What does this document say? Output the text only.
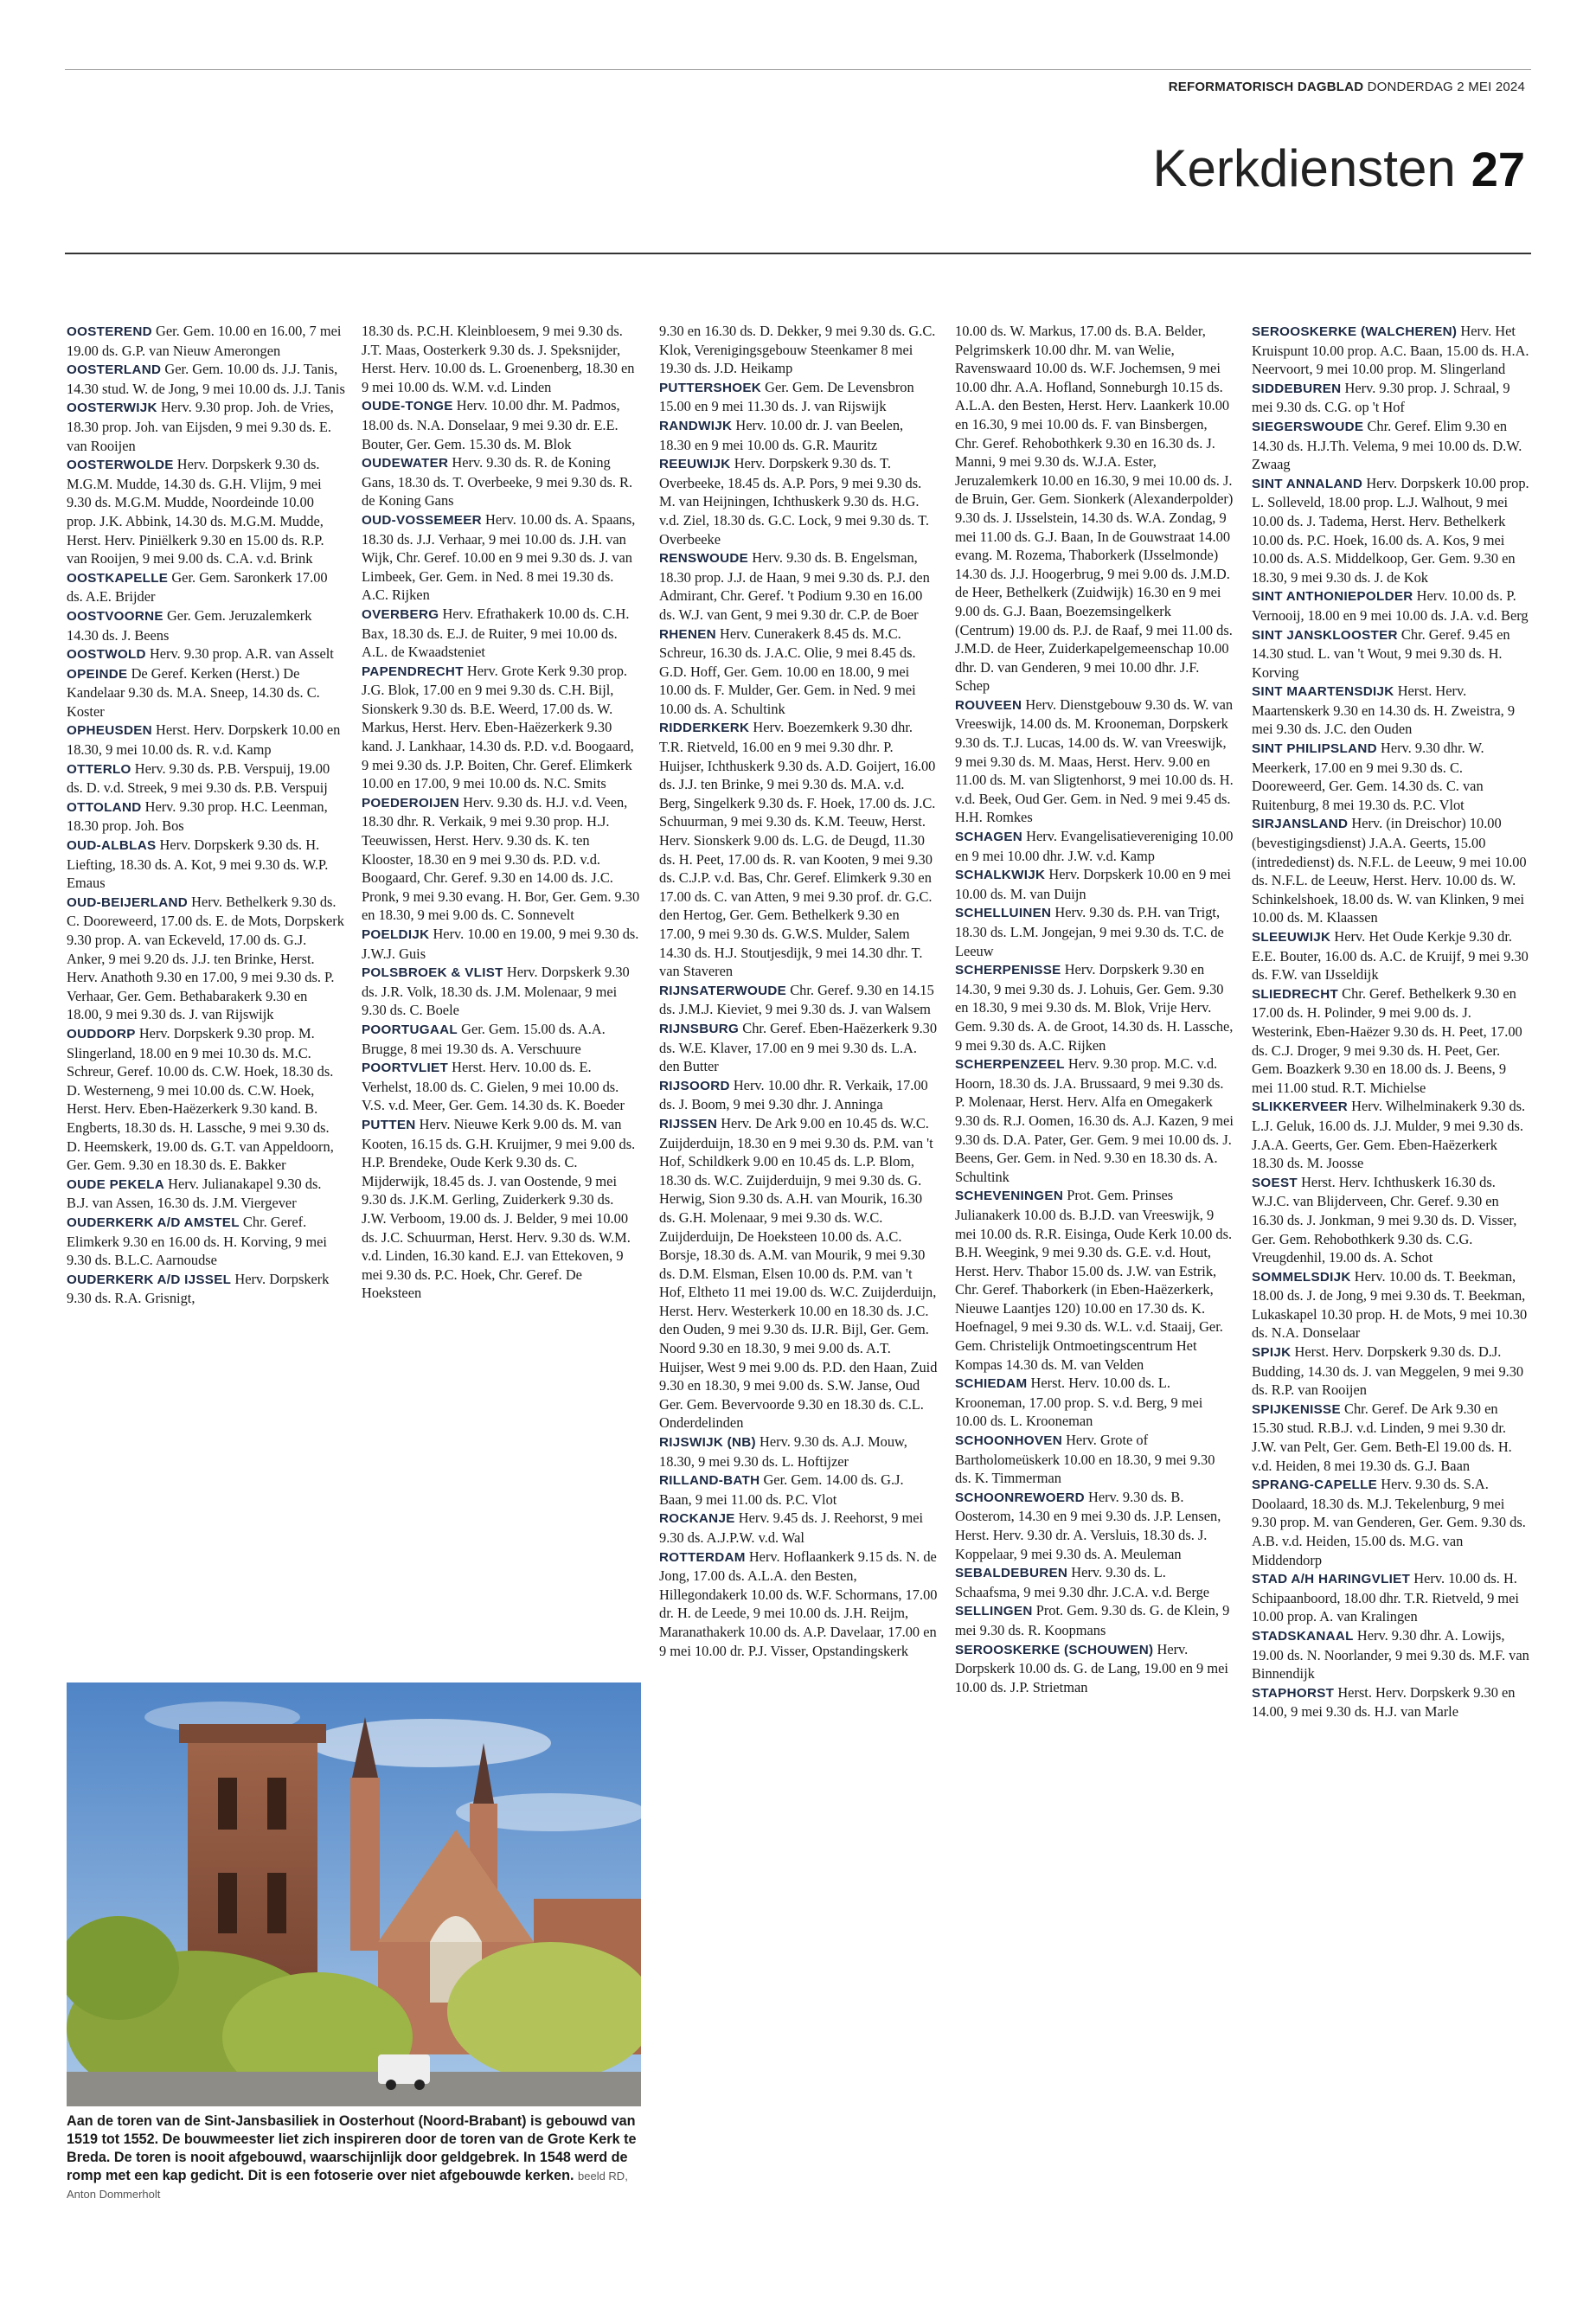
REFORMATORISCH DAGBLAD DONDERDAG 2 MEI 2024
Kerkdiensten 27

OOSTEREND Ger. Gem. 10.00 en 16.00, 7 mei 19.00 ds. G.P. van Nieuw Amerongen

OOSTERLAND Ger. Gem. 10.00 ds. J.J. Tanis, 14.30 stud. W. de Jong, 9 mei 10.00 ds. J.J. Tanis

OOSTERWIJK Herv. 9.30 prop. Joh. de Vries, 18.30 prop. Joh. van Eijsden, 9 mei 9.30 ds. E. van Rooijen

OOSTERWOLDE Herv. Dorpskerk 9.30 ds. M.G.M. Mudde, 14.30 ds. G.H. Vlijm, 9 mei 9.30 ds. M.G.M. Mudde, Noordeinde 10.00 prop. J.K. Abbink, 14.30 ds. M.G.M. Mudde, Herst. Herv. Piniëlkerk 9.30 en 15.00 ds. R.P. van Rooijen, 9 mei 9.00 ds. C.A. v.d. Brink

OOSTKAPELLE Ger. Gem. Saronkerk 17.00 ds. A.E. Brijder

OOSTVOORNE Ger. Gem. Jeruzalemkerk 14.30 ds. J. Beens

OOSTWOLD Herv. 9.30 prop. A.R. van Asselt

OPEINDE De Geref. Kerken (Herst.) De Kandelaar 9.30 ds. M.A. Sneep, 14.30 ds. C. Koster

OPHEUSDEN Herst. Herv. Dorpskerk 10.00 en 18.30, 9 mei 10.00 ds. R. v.d. Kamp

OTTERLO Herv. 9.30 ds. P.B. Verspuij, 19.00 ds. D. v.d. Streek, 9 mei 9.30 ds. P.B. Verspuij

OTTOLAND Herv. 9.30 prop. H.C. Leenman, 18.30 prop. Joh. Bos

OUD-ALBLAS Herv. Dorpskerk 9.30 ds. H. Liefting, 18.30 ds. A. Kot, 9 mei 9.30 ds. W.P. Emaus

OUD-BEIJERLAND Herv. Bethelkerk 9.30 ds. C. Dooreweerd, 17.00 ds. E. de Mots, Dorpskerk 9.30 prop. A. van Eckeveld, 17.00 ds. G.J. Anker, 9 mei 9.20 ds. J.J. ten Brinke, Herst. Herv. Anathoth 9.30 en 17.00, 9 mei 9.30 ds. P. Verhaar, Ger. Gem. Bethabarakerk 9.30 en 18.00, 9 mei 9.30 ds. J. van Rijswijk

OUDDORP Herv. Dorpskerk 9.30 prop. M. Slingerland, 18.00 en 9 mei 10.30 ds. M.C. Schreur, Geref. 10.00 ds. C.W. Hoek, 18.30 ds. D. Westerneng, 9 mei 10.00 ds. C.W. Hoek, Herst. Herv. Eben-Haëzerkerk 9.30 kand. B. Engberts, 18.30 ds. H. Lassche, 9 mei 9.30 ds. D. Heemskerk, 19.00 ds. G.T. van Appeldoorn, Ger. Gem. 9.30 en 18.30 ds. E. Bakker

OUDE PEKELA Herv. Julianakapel 9.30 ds. B.J. van Assen, 16.30 ds. J.M. Viergever

OUDERKERK A/D AMSTEL Chr. Geref. Elimkerk 9.30 en 16.00 ds. H. Korving, 9 mei 9.30 ds. B.L.C. Aarnoudse

OUDERKERK A/D IJSSEL Herv. Dorpskerk 9.30 ds. R.A. Grisnigt,

18.30 ds. P.C.H. Kleinbloesem, 9 mei 9.30 ds. J.T. Maas, Oosterkerk 9.30 ds. J. Speksnijder, Herst. Herv. 10.00 ds. L. Groenenberg, 18.30 en 9 mei 10.00 ds. W.M. v.d. Linden

OUDE-TONGE Herv. 10.00 dhr. M. Padmos, 18.00 ds. N.A. Donselaar, 9 mei 9.30 dr. E.E. Bouter, Ger. Gem. 15.30 ds. M. Blok

OUDEWATER Herv. 9.30 ds. R. de Koning Gans, 18.30 ds. T. Overbeeke, 9 mei 9.30 ds. R. de Koning Gans

OUD-VOSSEMEER Herv. 10.00 ds. A. Spaans, 18.30 ds. J.J. Verhaar, 9 mei 10.00 ds. J.H. van Wijk, Chr. Geref. 10.00 en 9 mei 9.30 ds. J. van Limbeek, Ger. Gem. in Ned. 8 mei 19.30 ds. A.C. Rijken

OVERBERG Herv. Efrathakerk 10.00 ds. C.H. Bax, 18.30 ds. E.J. de Ruiter, 9 mei 10.00 ds. A.L. de Kwaadsteniet

PAPENDRECHT Herv. Grote Kerk 9.30 prop. J.G. Blok, 17.00 en 9 mei 9.30 ds. C.H. Bijl, Sionskerk 9.30 ds. B.E. Weerd, 17.00 ds. W. Markus, Herst. Herv. Eben-Haëzerkerk 9.30 kand. J. Lankhaar, 14.30 ds. P.D. v.d. Boogaard, 9 mei 9.30 ds. J.P. Boiten, Chr. Geref. Elimkerk 10.00 en 17.00, 9 mei 10.00 ds. N.C. Smits

POEDEROIJEN Herv. 9.30 ds. H.J. v.d. Veen, 18.30 dhr. R. Verkaik, 9 mei 9.30 prop. H.J. Teeuwissen, Herst. Herv. 9.30 ds. K. ten Klooster, 18.30 en 9 mei 9.30 ds. P.D. v.d. Boogaard, Chr. Geref. 9.30 en 14.00 ds. J.C. Pronk, 9 mei 9.30 evang. H. Bor, Ger. Gem. 9.30 en 18.30, 9 mei 9.00 ds. C. Sonnevelt

POELDIJK Herv. 10.00 en 19.00, 9 mei 9.30 ds. J.W.J. Guis

POLSBROEK & VLIST Herv. Dorpskerk 9.30 ds. J.R. Volk, 18.30 ds. J.M. Molenaar, 9 mei 9.30 ds. C. Boele

POORTUGAAL Ger. Gem. 15.00 ds. A.A. Brugge, 8 mei 19.30 ds. A. Verschuure

POORTVLIET Herst. Herv. 10.00 ds. E. Verhelst, 18.00 ds. C. Gielen, 9 mei 10.00 ds. V.S. v.d. Meer, Ger. Gem. 14.30 ds. K. Boeder

PUTTEN Herv. Nieuwe Kerk 9.00 ds. M. van Kooten, 16.15 ds. G.H. Kruijmer, 9 mei 9.00 ds. H.P. Brendeke, Oude Kerk 9.30 ds. C. Mijderwijk, 18.45 ds. J. van Oostende, 9 mei 9.30 ds. J.K.M. Gerling, Zuiderkerk 9.30 ds. J.W. Verboom, 19.00 ds. J. Belder, 9 mei 10.00 ds. J.C. Schuurman, Herst. Herv. 9.30 ds. W.M. v.d. Linden, 16.30 kand. E.J. van Ettekoven, 9 mei 9.30 ds. P.C. Hoek, Chr. Geref. De Hoeksteen

9.30 en 16.30 ds. D. Dekker, 9 mei 9.30 ds. G.C. Klok, Verenigingsgebouw Steenkamer 8 mei 19.30 ds. J.D. Heikamp

PUTTERSHOEK Ger. Gem. De Levensbron 15.00 en 9 mei 11.30 ds. J. van Rijswijk

RANDWIJK Herv. 10.00 dr. J. van Beelen, 18.30 en 9 mei 10.00 ds. G.R. Mauritz

REEUWIJK Herv. Dorpskerk 9.30 ds. T. Overbeeke, 18.45 ds. A.P. Pors, 9 mei 9.30 ds. M. van Heijningen, Ichthuskerk 9.30 ds. H.G. v.d. Ziel, 18.30 ds. G.C. Lock, 9 mei 9.30 ds. T. Overbeeke

RENSWOUDE Herv. 9.30 ds. B. Engelsman, 18.30 prop. J.J. de Haan, 9 mei 9.30 ds. P.J. den Admirant, Chr. Geref. 't Podium 9.30 en 16.00 ds. W.J. van Gent, 9 mei 9.30 dr. C.P. de Boer

RHENEN Herv. Cunerakerk 8.45 ds. M.C. Schreur, 16.30 ds. J.A.C. Olie, 9 mei 8.45 ds. G.D. Hoff, Ger. Gem. 10.00 en 18.00, 9 mei 10.00 ds. F. Mulder, Ger. Gem. in Ned. 9 mei 10.00 ds. A. Schultink

RIDDERKERK Herv. Boezemkerk 9.30 dhr. T.R. Rietveld, 16.00 en 9 mei 9.30 dhr. P. Huijser, Ichthuskerk 9.30 ds. A.D. Goijert, 16.00 ds. J.J. ten Brinke, 9 mei 9.30 ds. M.A. v.d. Berg, Singelkerk 9.30 ds. F. Hoek, 17.00 ds. J.C. Schuurman, 9 mei 9.30 ds. K.M. Teeuw, Herst. Herv. Sionskerk 9.00 ds. L.G. de Deugd, 11.30 ds. H. Peet, 17.00 ds. R. van Kooten, 9 mei 9.30 ds. C.J.P. v.d. Bas, Chr. Geref. Elimkerk 9.30 en 17.00 ds. C. van Atten, 9 mei 9.30 prof. dr. G.C. den Hertog, Ger. Gem. Bethelkerk 9.30 en 17.00, 9 mei 9.30 ds. G.W.S. Mulder, Salem 14.30 ds. H.J. Stoutjesdijk, 9 mei 14.30 dhr. T. van Staveren

RIJNSATERWOUDE Chr. Geref. 9.30 en 14.15 ds. J.M.J. Kieviet, 9 mei 9.30 ds. J. van Walsem

RIJNSBURG Chr. Geref. Eben-Haëzerkerk 9.30 ds. W.E. Klaver, 17.00 en 9 mei 9.30 ds. L.A. den Butter

RIJSOORD Herv. 10.00 dhr. R. Verkaik, 17.00 ds. J. Boom, 9 mei 9.30 dhr. J. Anninga

RIJSSEN Herv. De Ark 9.00 en 10.45 ds. W.C. Zuijderduijn, 18.30 en 9 mei 9.30 ds. P.M. van 't Hof, Schildkerk 9.00 en 10.45 ds. L.P. Blom, 18.30 ds. W.C. Zuijderduijn, 9 mei 9.30 ds. G. Herwig, Sion 9.30 ds. A.H. van Mourik, 16.30 ds. G.H. Molenaar, 9 mei 9.30 ds. W.C. Zuijderduijn, De Hoeksteen 10.00 ds. A.C. Borsje, 18.30 ds. A.M. van Mourik, 9 mei 9.30 ds. D.M. Elsman, Elsen 10.00 ds. P.M. van 't Hof, Eltheto 11 mei 19.00 ds. W.C. Zuijderduijn, Herst. Herv. Westerkerk 10.00 en 18.30 ds. J.C. den Ouden, 9 mei 9.30 ds. IJ.R. Bijl, Ger. Gem. Noord 9.30 en 18.30, 9 mei 9.00 ds. A.T. Huijser, West 9 mei 9.00 ds. P.D. den Haan, Zuid 9.30 en 18.30, 9 mei 9.00 ds. S.W. Janse, Oud Ger. Gem. Bevervoorde 9.30 en 18.30 ds. C.L. Onderdelinden

RIJSWIJK (NB) Herv. 9.30 ds. A.J. Mouw, 18.30, 9 mei 9.30 ds. L. Hoftijzer

RILLAND-BATH Ger. Gem. 14.00 ds. G.J. Baan, 9 mei 11.00 ds. P.C. Vlot

ROCKANJE Herv. 9.45 ds. J. Reehorst, 9 mei 9.30 ds. A.J.P.W. v.d. Wal

ROTTERDAM Herv. Hoflaankerk 9.15 ds. N. de Jong, 17.00 ds. A.L.A. den Besten, Hillegondakerk 10.00 ds. W.F. Schormans, 17.00 dr. H. de Leede, 9 mei 10.00 ds. J.H. Reijm, Maranathakerk 10.00 ds. A.P. Davelaar, 17.00 en 9 mei 10.00 dr. P.J. Visser, Opstandingskerk

10.00 ds. W. Markus, 17.00 ds. B.A. Belder, Pelgrimskerk 10.00 dhr. M. van Welie, Ravenswaard 10.00 ds. W.F. Jochemsen, 9 mei 10.00 dhr. A.A. Hofland, Sonneburgh 10.15 ds. A.L.A. den Besten, Herst. Herv. Laankerk 10.00 en 16.30, 9 mei 10.00 ds. F. van Binsbergen, Chr. Geref. Rehobothkerk 9.30 en 16.30 ds. J. Manni, 9 mei 9.30 ds. W.J.A. Ester, Jeruzalemkerk 10.00 en 16.30, 9 mei 10.00 ds. J. de Bruin, Ger. Gem. Sionkerk (Alexanderpolder) 9.30 ds. J. IJsselstein, 14.30 ds. W.A. Zondag, 9 mei 11.00 ds. G.J. Baan, In de Gouwstraat 14.00 evang. M. Rozema, Thaborkerk (IJsselmonde) 14.30 ds. J.J. Hoogerbrug, 9 mei 9.00 ds. J.M.D. de Heer, Bethelkerk (Zuidwijk) 16.30 en 9 mei 9.00 ds. G.J. Baan, Boezemsingelkerk (Centrum) 19.00 ds. P.J. de Raaf, 9 mei 11.00 ds. J.M.D. de Heer, Zuiderkapelgemeenschap 10.00 dhr. D. van Genderen, 9 mei 10.00 dhr. J.F. Schep

ROUVEEN Herv. Dienstgebouw 9.30 ds. W. van Vreeswijk, 14.00 ds. M. Krooneman, Dorpskerk 9.30 ds. T.J. Lucas, 14.00 ds. W. van Vreeswijk, 9 mei 9.30 ds. M. Maas, Herst. Herv. 9.00 en 11.00 ds. M. van Sligtenhorst, 9 mei 10.00 ds. H. v.d. Beek, Oud Ger. Gem. in Ned. 9 mei 9.45 ds. H.H. Romkes

SCHAGEN Herv. Evangelisatievereniging 10.00 en 9 mei 10.00 dhr. J.W. v.d. Kamp

SCHALKWIJK Herv. Dorpskerk 10.00 en 9 mei 10.00 ds. M. van Duijn

SCHELLUINEN Herv. 9.30 ds. P.H. van Trigt, 18.30 ds. L.M. Jongejan, 9 mei 9.30 ds. T.C. de Leeuw

SCHERPENISSE Herv. Dorpskerk 9.30 en 14.30, 9 mei 9.30 ds. J. Lohuis, Ger. Gem. 9.30 en 18.30, 9 mei 9.30 ds. M. Blok, Vrije Herv. Gem. 9.30 ds. A. de Groot, 14.30 ds. H. Lassche, 9 mei 9.30 ds. A.C. Rijken

SCHERPENZEEL Herv. 9.30 prop. M.C. v.d. Hoorn, 18.30 ds. J.A. Brussaard, 9 mei 9.30 ds. P. Molenaar, Herst. Herv. Alfa en Omegakerk 9.30 ds. R.J. Oomen, 16.30 ds. A.J. Kazen, 9 mei 9.30 ds. D.A. Pater, Ger. Gem. 9 mei 10.00 ds. J. Beens, Ger. Gem. in Ned. 9.30 en 18.30 ds. A. Schultink

SCHEVENINGEN Prot. Gem. Prinses Julianakerk 10.00 ds. B.J.D. van Vreeswijk, 9 mei 10.00 ds. R.R. Eisinga, Oude Kerk 10.00 ds. B.H. Weegink, 9 mei 9.30 ds. G.E. v.d. Hout, Herst. Herv. Thabor 15.00 ds. J.W. van Estrik, Chr. Geref. Thaborkerk (in Eben-Haëzerkerk, Nieuwe Laantjes 120) 10.00 en 17.30 ds. K. Hoefnagel, 9 mei 9.30 ds. W.L. v.d. Staaij, Ger. Gem. Christelijk Ontmoetingscentrum Het Kompas 14.30 ds. M. van Velden

SCHIEDAM Herst. Herv. 10.00 ds. L. Krooneman, 17.00 prop. S. v.d. Berg, 9 mei 10.00 ds. L. Krooneman

SCHOONHOVEN Herv. Grote of Bartholomeüskerk 10.00 en 18.30, 9 mei 9.30 ds. K. Timmerman

SCHOONREWOERD Herv. 9.30 ds. B. Oosterom, 14.30 en 9 mei 9.30 ds. J.P. Lensen, Herst. Herv. 9.30 dr. A. Versluis, 18.30 ds. J. Koppelaar, 9 mei 9.30 ds. A. Meuleman

SEBALDEBUREN Herv. 9.30 ds. L. Schaafsma, 9 mei 9.30 dhr. J.C.A. v.d. Berge

SELLINGEN Prot. Gem. 9.30 ds. G. de Klein, 9 mei 9.30 ds. R. Koopmans

SEROOSKERKE (SCHOUWEN) Herv. Dorpskerk 10.00 ds. G. de Lang, 19.00 en 9 mei 10.00 ds. J.P. Strietman

SEROOSKERKE (WALCHEREN) Herv. Het Kruispunt 10.00 prop. A.C. Baan, 15.00 ds. H.A. Neervoort, 9 mei 10.00 prop. M. Slingerland

SIDDEBUREN Herv. 9.30 prop. J. Schraal, 9 mei 9.30 ds. C.G. op 't Hof

SIEGERSWOUDE Chr. Geref. Elim 9.30 en 14.30 ds. H.J.Th. Velema, 9 mei 10.00 ds. D.W. Zwaag

SINT ANNALAND Herv. Dorpskerk 10.00 prop. L. Solleveld, 18.00 prop. L.J. Walhout, 9 mei 10.00 ds. J. Tadema, Herst. Herv. Bethelkerk 10.00 ds. P.C. Hoek, 16.00 ds. A. Kos, 9 mei 10.00 ds. A.S. Middelkoop, Ger. Gem. 9.30 en 18.30, 9 mei 9.30 ds. J. de Kok

SINT ANTHONIEPOLDER Herv. 10.00 ds. P. Vernooij, 18.00 en 9 mei 10.00 ds. J.A. v.d. Berg

SINT JANSKLOOSTER Chr. Geref. 9.45 en 14.30 stud. L. van 't Wout, 9 mei 9.30 ds. H. Korving

SINT MAARTENSDIJK Herst. Herv. Maartenskerk 9.30 en 14.30 ds. H. Zweistra, 9 mei 9.30 ds. J.C. den Ouden

SINT PHILIPSLAND Herv. 9.30 dhr. W. Meerkerk, 17.00 en 9 mei 9.30 ds. C. Dooreweerd, Ger. Gem. 14.30 ds. C. van Ruitenburg, 8 mei 19.30 ds. P.C. Vlot

SIRJANSLAND Herv. (in Dreischor) 10.00 (bevestigingsdienst) J.A.A. Geerts, 15.00 (intrededienst) ds. N.F.L. de Leeuw, 9 mei 10.00 ds. N.F.L. de Leeuw, Herst. Herv. 10.00 ds. W. Schinkelshoek, 18.00 ds. W. van Klinken, 9 mei 10.00 ds. M. Klaassen

SLEEUWIJK Herv. Het Oude Kerkje 9.30 dr. E.E. Bouter, 16.00 ds. A.C. de Kruijf, 9 mei 9.30 ds. F.W. van IJsseldijk

SLIEDRECHT Chr. Geref. Bethelkerk 9.30 en 17.00 ds. H. Polinder, 9 mei 9.00 ds. J. Westerink, Eben-Haëzer 9.30 ds. H. Peet, 17.00 ds. C.J. Droger, 9 mei 9.30 ds. H. Peet, Ger. Gem. Boazkerk 9.30 en 18.00 ds. J. Beens, 9 mei 11.00 stud. R.T. Michielse

SLIKKERVEER Herv. Wilhelminakerk 9.30 ds. L.J. Geluk, 16.00 ds. J.J. Mulder, 9 mei 9.30 ds. J.A.A. Geerts, Ger. Gem. Eben-Haëzerkerk 18.30 ds. M. Joosse

SOEST Herst. Herv. Ichthuskerk 16.30 ds. W.J.C. van Blijderveen, Chr. Geref. 9.30 en 16.30 ds. J. Jonkman, 9 mei 9.30 ds. D. Visser, Ger. Gem. Rehobothkerk 9.30 ds. C.G. Vreugdenhil, 19.00 ds. A. Schot

SOMMELSDIJK Herv. 10.00 ds. T. Beekman, 18.00 ds. J. de Jong, 9 mei 9.30 ds. T. Beekman, Lukaskapel 10.30 prop. H. de Mots, 9 mei 10.30 ds. N.A. Donselaar

SPIJK Herst. Herv. Dorpskerk 9.30 ds. D.J. Budding, 14.30 ds. J. van Meggelen, 9 mei 9.30 ds. R.P. van Rooijen

SPIJKENISSE Chr. Geref. De Ark 9.30 en 15.30 stud. R.B.J. v.d. Linden, 9 mei 9.30 dr. J.W. van Pelt, Ger. Gem. Beth-El 19.00 ds. H. v.d. Heiden, 8 mei 19.30 ds. G.J. Baan

SPRANG-CAPELLE Herv. 9.30 ds. S.A. Doolaard, 18.30 ds. M.J. Tekelenburg, 9 mei 9.30 prop. M. van Genderen, Ger. Gem. 9.30 ds. A.B. v.d. Heiden, 15.00 ds. M.G. van Middendorp

STAD A/H HARINGVLIET Herv. 10.00 ds. H. Schipaanboord, 18.00 dhr. T.R. Rietveld, 9 mei 10.00 prop. A. van Kralingen

STADSKANAAL Herv. 9.30 dhr. A. Lowijs, 19.00 ds. N. Noorlander, 9 mei 9.30 ds. M.F. van Binnendijk

STAPHORST Herst. Herv. Dorpskerk 9.30 en 14.00, 9 mei 9.30 ds. H.J. van Marle

Aan de toren van de Sint-Jansbasiliek in Oosterhout (Noord-Brabant) is gebouwd van 1519 tot 1552. De bouwmeester liet zich inspireren door de toren van de Grote Kerk te Breda. De toren is nooit afgebouwd, waarschijnlijk door geldgebrek. In 1548 werd de romp met een kap gedicht. Dit is een fotoserie over niet afgebouwde kerken. beeld RD, Anton Dommerholt
